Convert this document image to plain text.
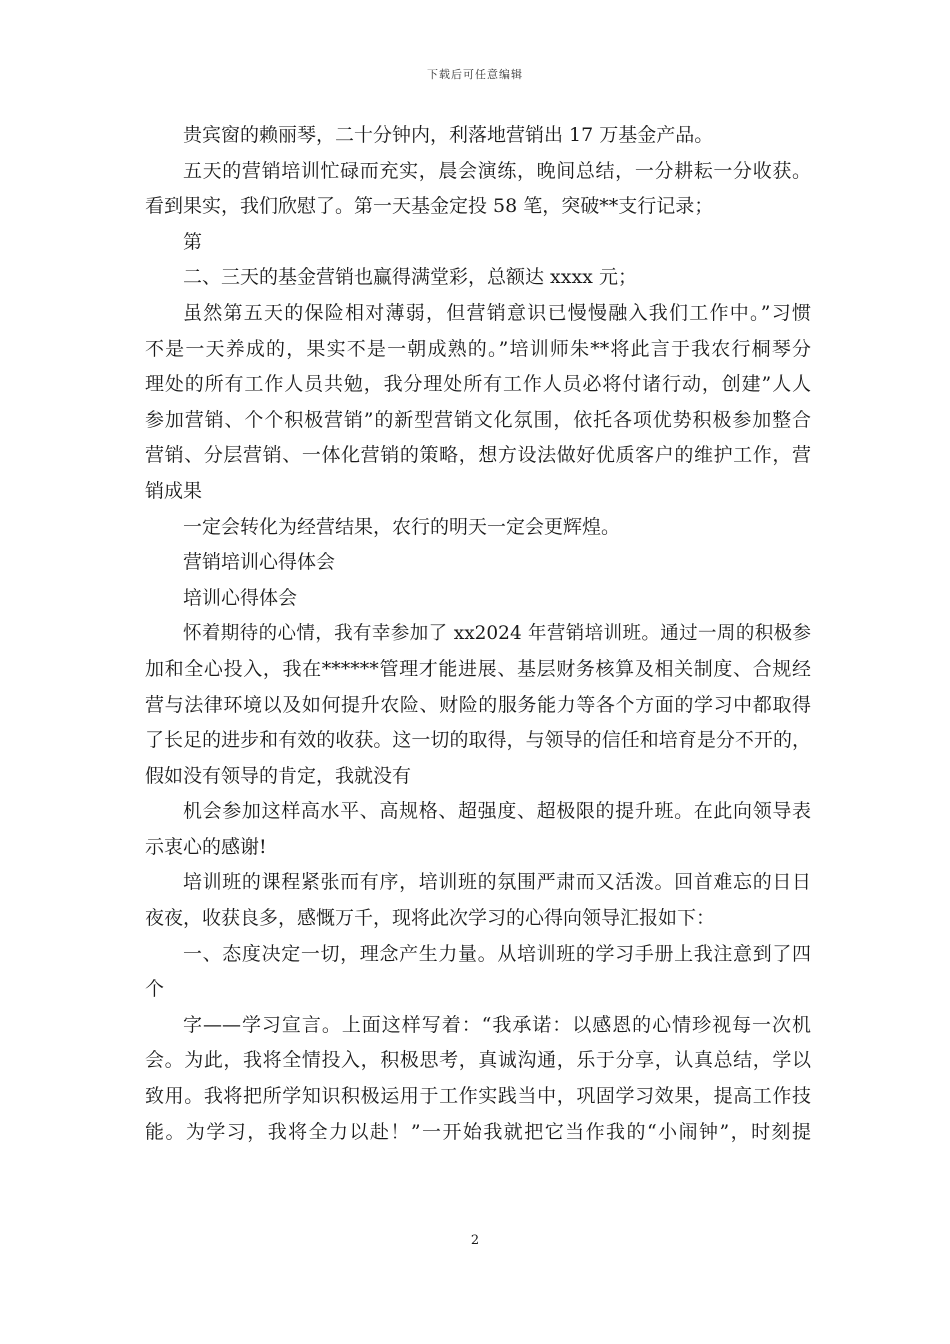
下载后可任意编辑
贵宾窗的赖丽琴，二十分钟内，利落地营销出 17 万基金产品。
五天的营销培训忙碌而充实，晨会演练，晚间总结，一分耕耘一分收获。
看到果实，我们欣慰了。第一天基金定投 58 笔，突破**支行记录；
第
二、三天的基金营销也赢得满堂彩，总额达 xxxx 元；
虽然第五天的保险相对薄弱，但营销意识已慢慢融入我们工作中。”习惯
不是一天养成的，果实不是一朝成熟的。”培训师朱**将此言于我农行桐琴分
理处的所有工作人员共勉，我分理处所有工作人员必将付诸行动，创建”人人
参加营销、个个积极营销”的新型营销文化氛围，依托各项优势积极参加整合
营销、分层营销、一体化营销的策略，想方设法做好优质客户的维护工作，营
销成果
一定会转化为经营结果，农行的明天一定会更辉煌。
营销培训心得体会
培训心得体会
怀着期待的心情，我有幸参加了 xx2024 年营销培训班。通过一周的积极参
加和全心投入，我在******管理才能进展、基层财务核算及相关制度、合规经
营与法律环境以及如何提升农险、财险的服务能力等各个方面的学习中都取得
了长足的进步和有效的收获。这一切的取得，与领导的信任和培育是分不开的，
假如没有领导的肯定，我就没有
机会参加这样高水平、高规格、超强度、超极限的提升班。在此向领导表
示衷心的感谢!
培训班的课程紧张而有序，培训班的氛围严肃而又活泼。回首难忘的日日
夜夜，收获良多，感慨万千，现将此次学习的心得向领导汇报如下：
一、态度决定一切，理念产生力量。从培训班的学习手册上我注意到了四
个
字——学习宣言。上面这样写着：“我承诺：以感恩的心情珍视每一次机
会。为此，我将全情投入，积极思考，真诚沟通，乐于分享，认真总结，学以
致用。我将把所学知识积极运用于工作实践当中，巩固学习效果，提高工作技
能。为学习，我将全力以赴！”一开始我就把它当作我的“小闹钟”，时刻提
2
